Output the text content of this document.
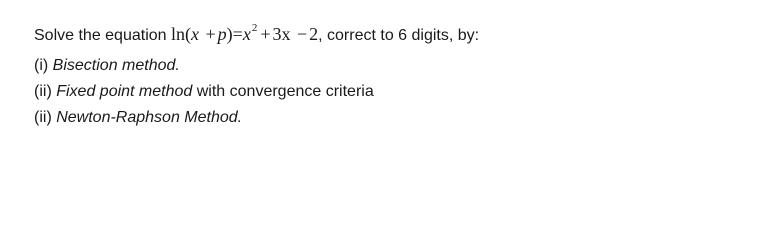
Solve the equation $\ln(x + p)=x^2 + 3x - 2$, correct to 6 digits, by:
(i) Bisection method.
(ii) Fixed point method with convergence criteria
(ii) Newton-Raphson Method.
